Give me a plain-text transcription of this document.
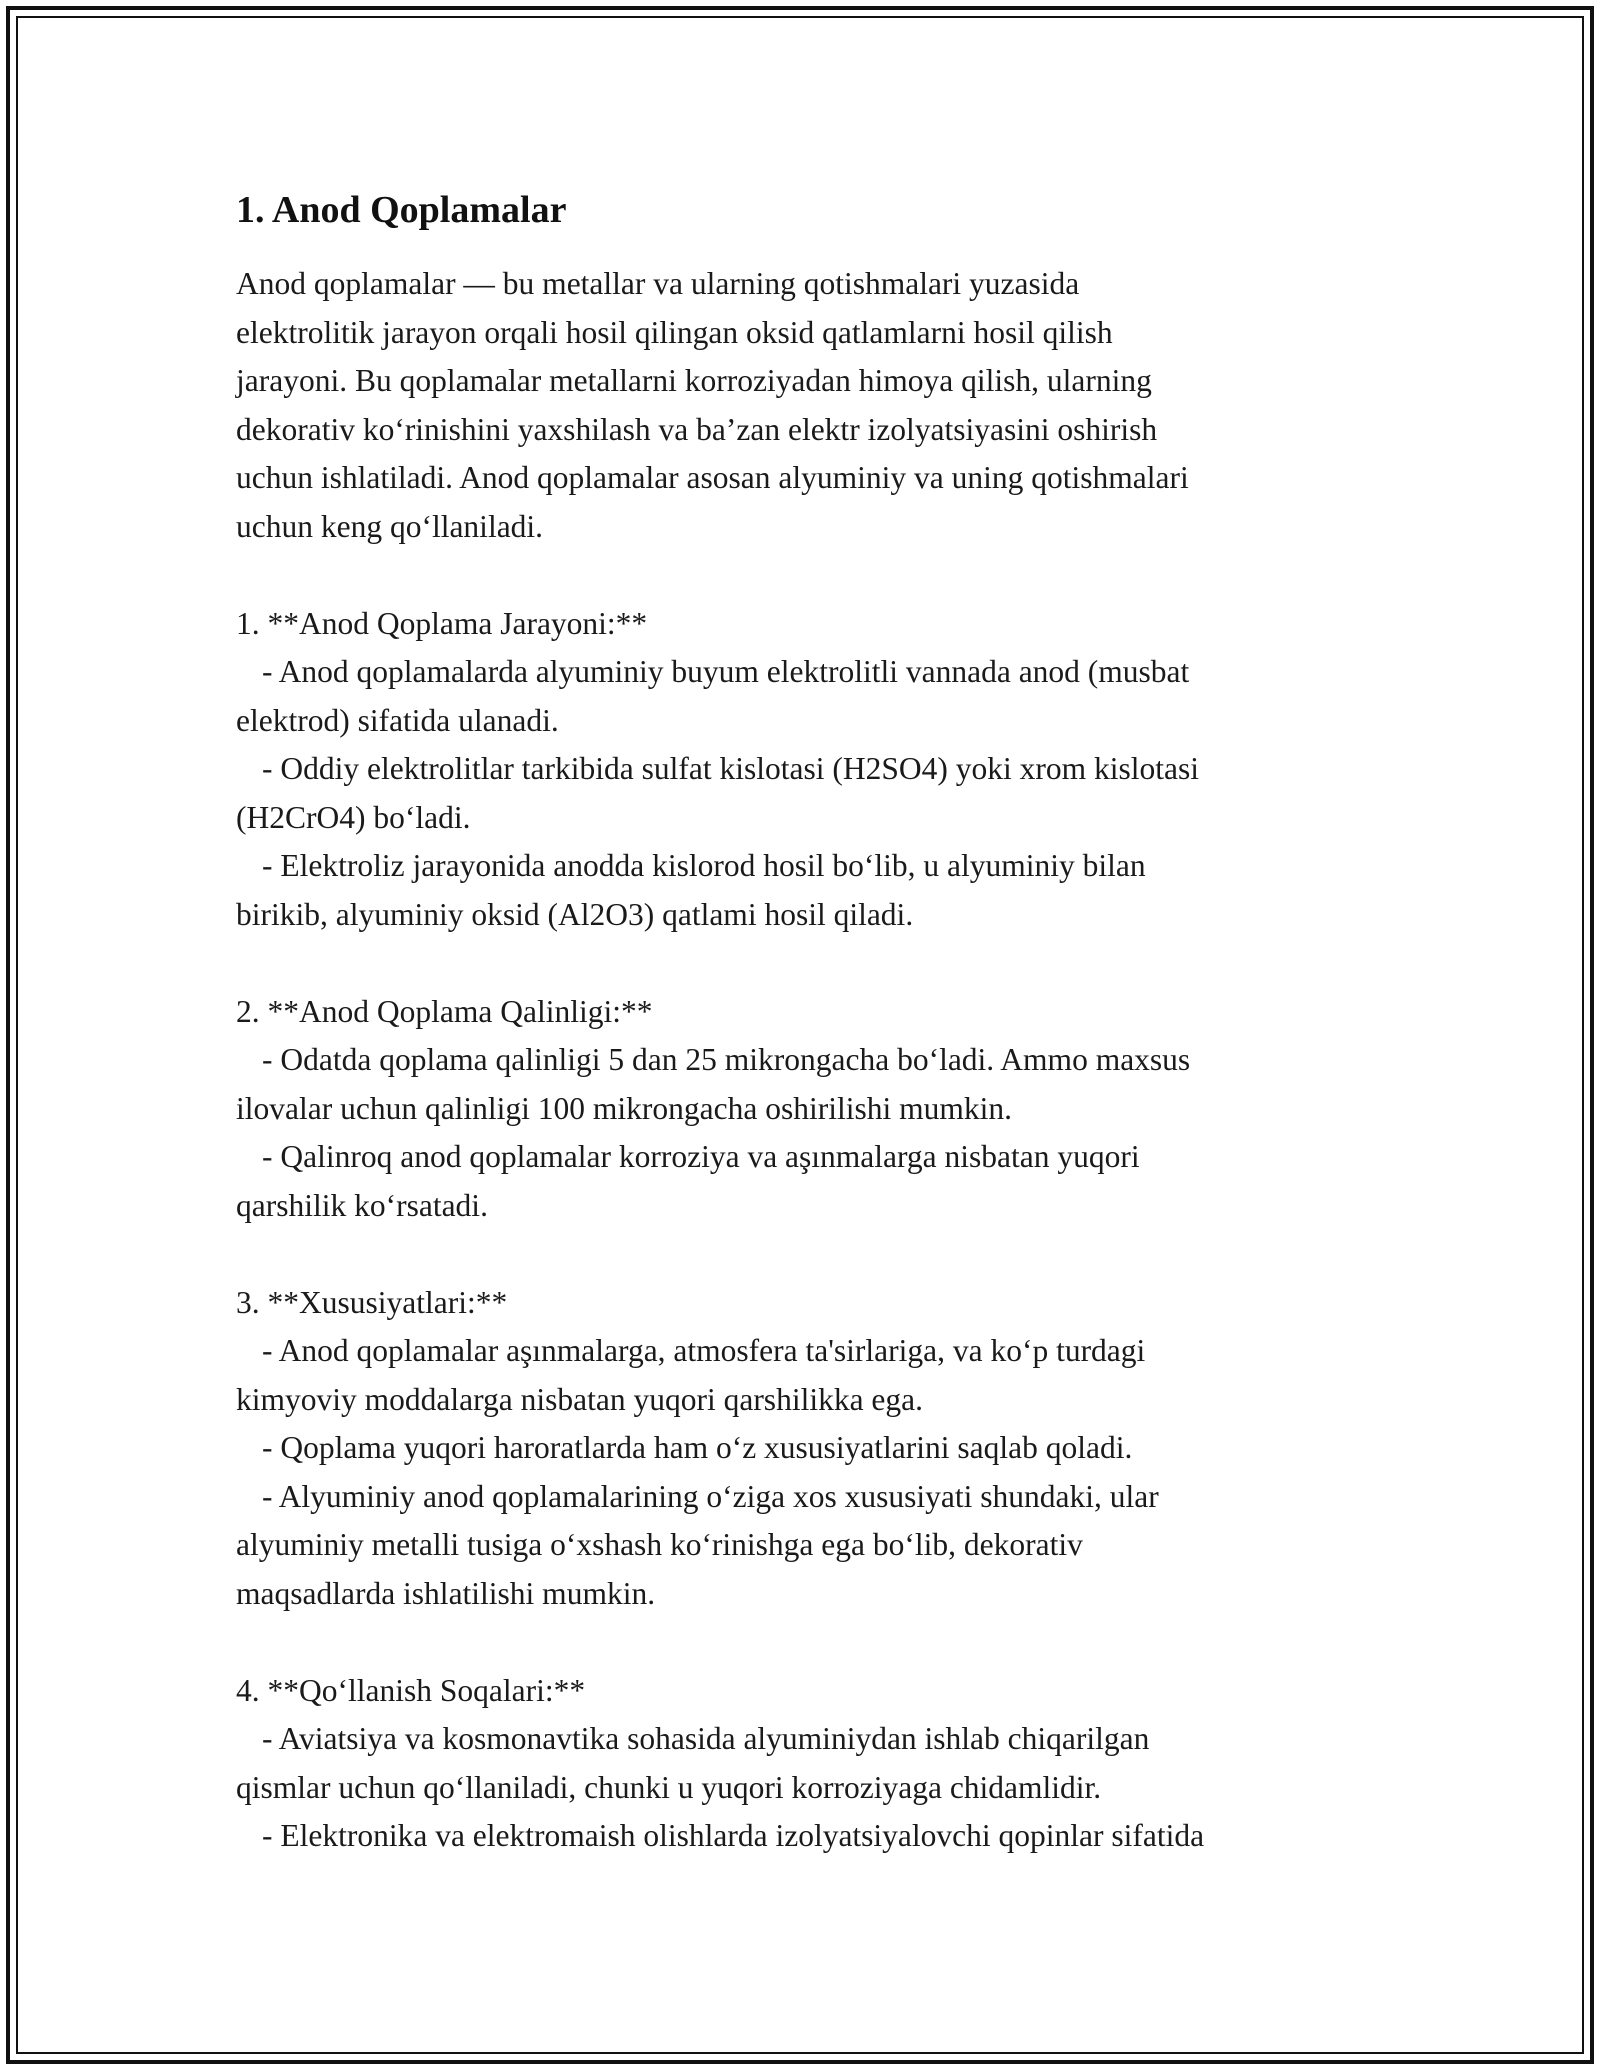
1. Anod Qoplamalar

Anod qoplamalar — bu metallar va ularning qotishmalari yuzasida
elektrolitik jarayon orqali hosil qilingan oksid qatlamlarni hosil qilish
jarayoni. Bu qoplamalar metallarni korroziyadan himoya qilish, ularning
dekorativ ko‘rinishini yaxshilash va ba’zan elektr izolyatsiyasini oshirish
uchun ishlatiladi. Anod qoplamalar asosan alyuminiy va uning qotishmalari
uchun keng qo‘llaniladi.

1. **Anod Qoplama Jarayoni:**

- Anod qoplamalarda alyuminiy buyum elektrolitli vannada anod (musbat

elektrod) sifatida ulanadi.

- Oddiy elektrolitlar tarkibida sulfat kislotasi (H2SO4) yoki xrom kislotasi

(H2CrO4) bo‘ladi.

- Elektroliz jarayonida anodda kislorod hosil bo‘lib, u alyuminiy bilan

birikib, alyuminiy oksid (Al2O3) qatlami hosil qiladi.

2. **Anod Qoplama Qalinligi:**

- Odatda qoplama qalinligi 5 dan 25 mikrongacha bo‘ladi. Ammo maxsus

ilovalar uchun qalinligi 100 mikrongacha oshirilishi mumkin.

- Qalinroq anod qoplamalar korroziya va aşınmalarga nisbatan yuqori

qarshilik ko‘rsatadi.

3. **Xususiyatlari:**

- Anod qoplamalar aşınmalarga, atmosfera ta'sirlariga, va ko‘p turdagi

kimyoviy moddalarga nisbatan yuqori qarshilikka ega.

- Qoplama yuqori haroratlarda ham o‘z xususiyatlarini saqlab qoladi.

- Alyuminiy anod qoplamalarining o‘ziga xos xususiyati shundaki, ular

alyuminiy metalli tusiga o‘xshash ko‘rinishga ega bo‘lib, dekorativ

maqsadlarda ishlatilishi mumkin.

4. **Qo‘llanish Soqalari:**

- Aviatsiya va kosmonavtika sohasida alyuminiydan ishlab chiqarilgan

qismlar uchun qo‘llaniladi, chunki u yuqori korroziyaga chidamlidir.

- Elektronika va elektromaish olishlarda izolyatsiyalovchi qopinlar sifatida
